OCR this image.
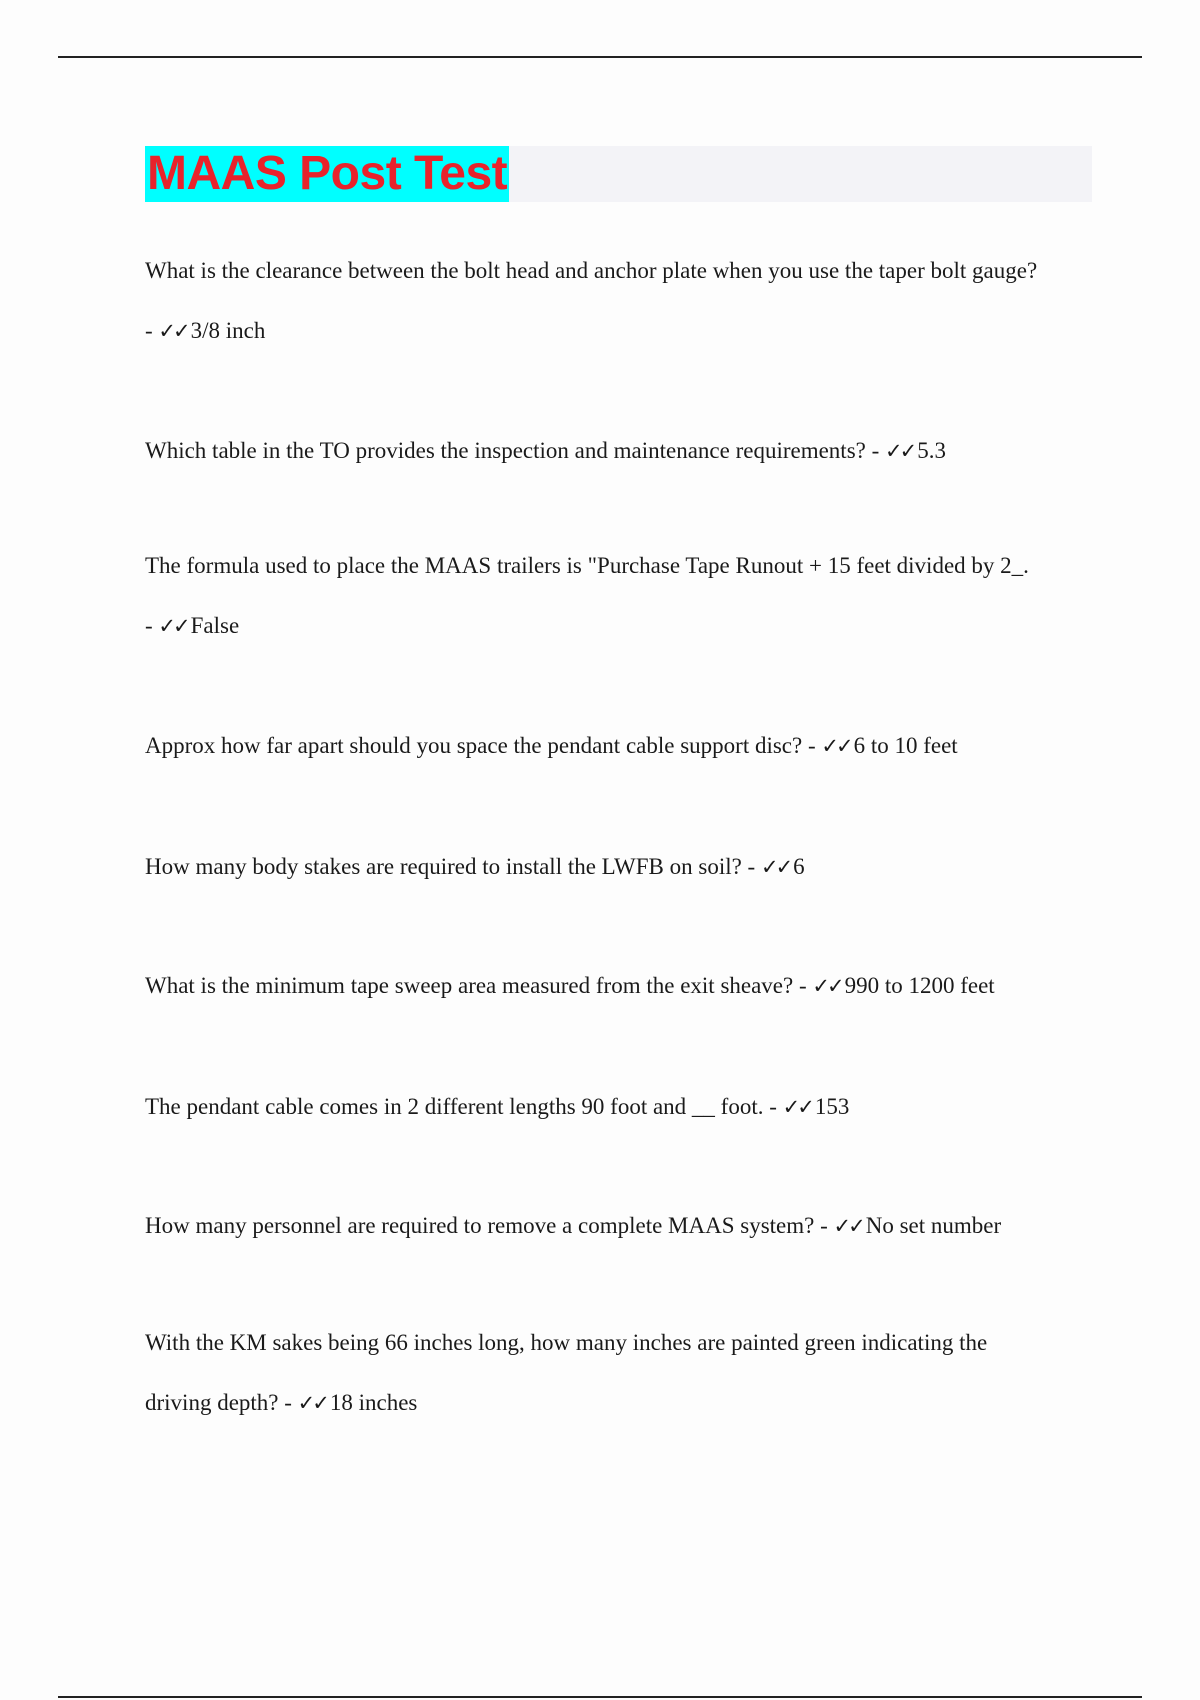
MAAS Post Test
What is the clearance between the bolt head and anchor plate when you use the taper bolt gauge?
- ✓✓ 3/8 inch
Which table in the TO provides the inspection and maintenance requirements? - ✓✓ 5.3
The formula used to place the MAAS trailers is "Purchase Tape Runout + 15 feet divided by 2_.
- ✓✓ False
Approx how far apart should you space the pendant cable support disc? - ✓✓ 6 to 10 feet
How many body stakes are required to install the LWFB on soil? - ✓✓ 6
What is the minimum tape sweep area measured from the exit sheave? - ✓✓ 990 to 1200 feet
The pendant cable comes in 2 different lengths 90 foot and __ foot. - ✓✓ 153
How many personnel are required to remove a complete MAAS system? - ✓✓ No set number
With the KM sakes being 66 inches long, how many inches are painted green indicating the
driving depth? - ✓✓ 18 inches
